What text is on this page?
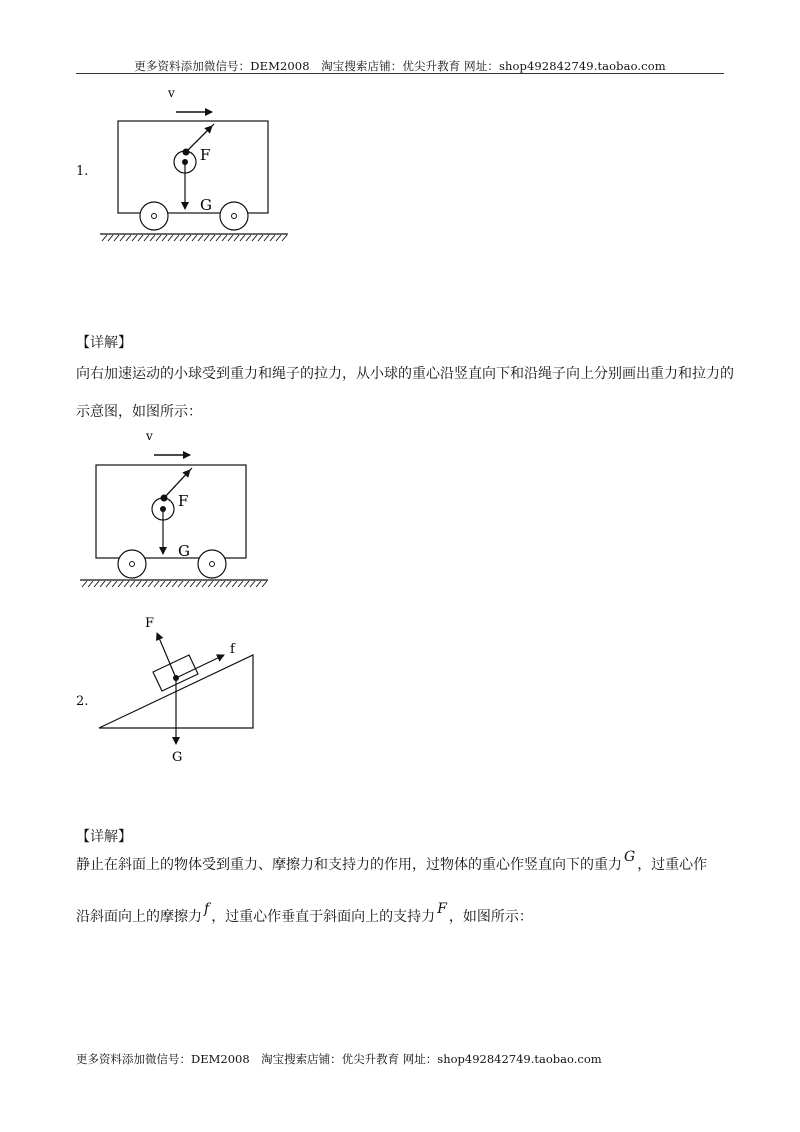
更多资料添加微信号：DEM2008　淘宝搜索店铺：优尖升教育 网址：shop492842749.taobao.com
1.
v
F
G
【详解】
向右加速运动的小球受到重力和绳子的拉力，从小球的重心沿竖直向下和沿绳子向上分别画出重力和拉力的示意图，如图所示：
v
F
G
2.
F
f
G
【详解】
静止在斜面上的物体受到重力、摩擦力和支持力的作用，过物体的重心作竖直向下的重力 G ，过重心作
沿斜面向上的摩擦力 f ，过重心作垂直于斜面向上的支持力 F ，如图所示：
更多资料添加微信号：DEM2008　淘宝搜索店铺：优尖升教育 网址：shop492842749.taobao.com
